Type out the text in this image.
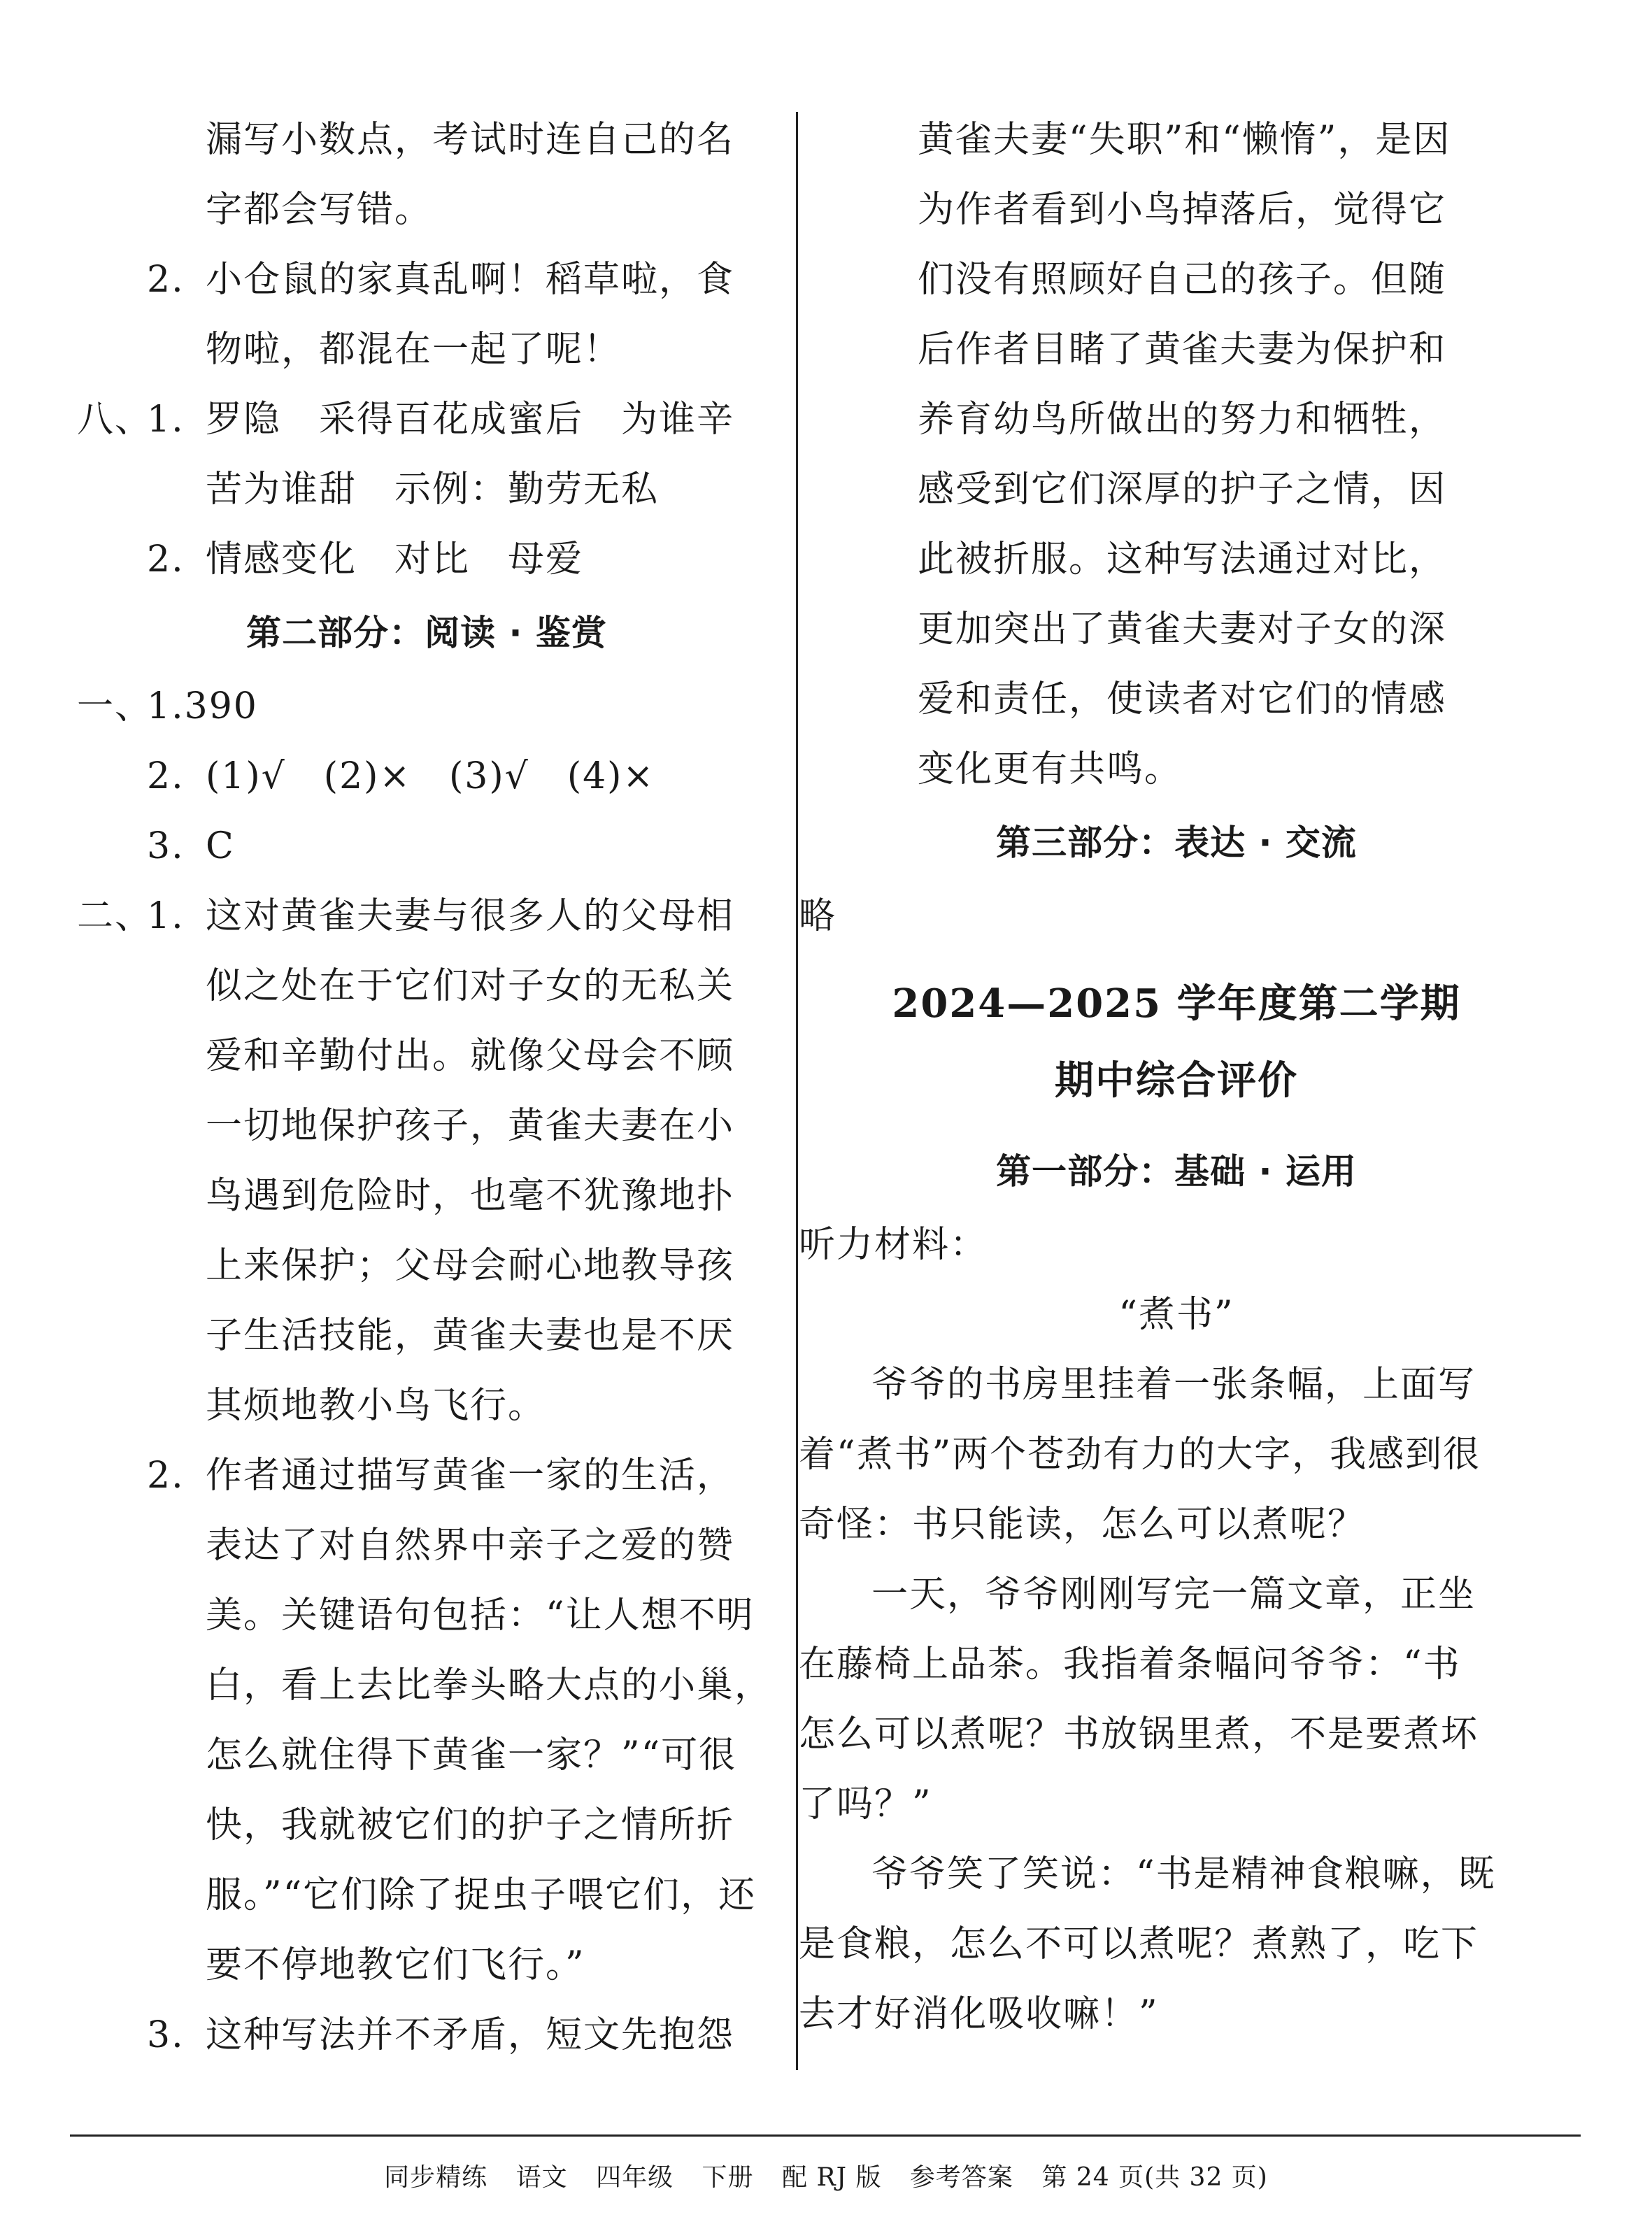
漏写小数点，考试时连自己的名
字都会写错。
2. 小仓鼠的家真乱啊！稻草啦，食
物啦，都混在一起了呢！
八、1. 罗隐　采得百花成蜜后　为谁辛
苦为谁甜　示例：勤劳无私
2. 情感变化　对比　母爱
第二部分：阅读 · 鉴赏
一、1.390
2. (1)√　(2)×　(3)√　(4)×
3. C
二、1. 这对黄雀夫妻与很多人的父母相
似之处在于它们对子女的无私关
爱和辛勤付出。就像父母会不顾
一切地保护孩子，黄雀夫妻在小
鸟遇到危险时，也毫不犹豫地扑
上来保护；父母会耐心地教导孩
子生活技能，黄雀夫妻也是不厌
其烦地教小鸟飞行。
2. 作者通过描写黄雀一家的生活，
表达了对自然界中亲子之爱的赞
美。关键语句包括：“让人想不明
白，看上去比拳头略大点的小巢，
怎么就住得下黄雀一家？”“可很
快，我就被它们的护子之情所折
服。”“它们除了捉虫子喂它们，还
要不停地教它们飞行。”
3. 这种写法并不矛盾，短文先抱怨
黄雀夫妻“失职”和“懒惰”，是因
为作者看到小鸟掉落后，觉得它
们没有照顾好自己的孩子。但随
后作者目睹了黄雀夫妻为保护和
养育幼鸟所做出的努力和牺牲，
感受到它们深厚的护子之情，因
此被折服。这种写法通过对比，
更加突出了黄雀夫妻对子女的深
爱和责任，使读者对它们的情感
变化更有共鸣。
第三部分：表达 · 交流
略
2024—2025 学年度第二学期
期中综合评价
第一部分：基础 · 运用
听力材料：
“煮书”
爷爷的书房里挂着一张条幅，上面写
着“煮书”两个苍劲有力的大字，我感到很
奇怪：书只能读，怎么可以煮呢？
一天，爷爷刚刚写完一篇文章，正坐
在藤椅上品茶。我指着条幅问爷爷：“书
怎么可以煮呢？书放锅里煮，不是要煮坏
了吗？”
爷爷笑了笑说：“书是精神食粮嘛，既
是食粮，怎么不可以煮呢？煮熟了，吃下
去才好消化吸收嘛！”
同步精练 语文 四年级 下册 配 RJ 版 参考答案 第 24 页(共 32 页)
